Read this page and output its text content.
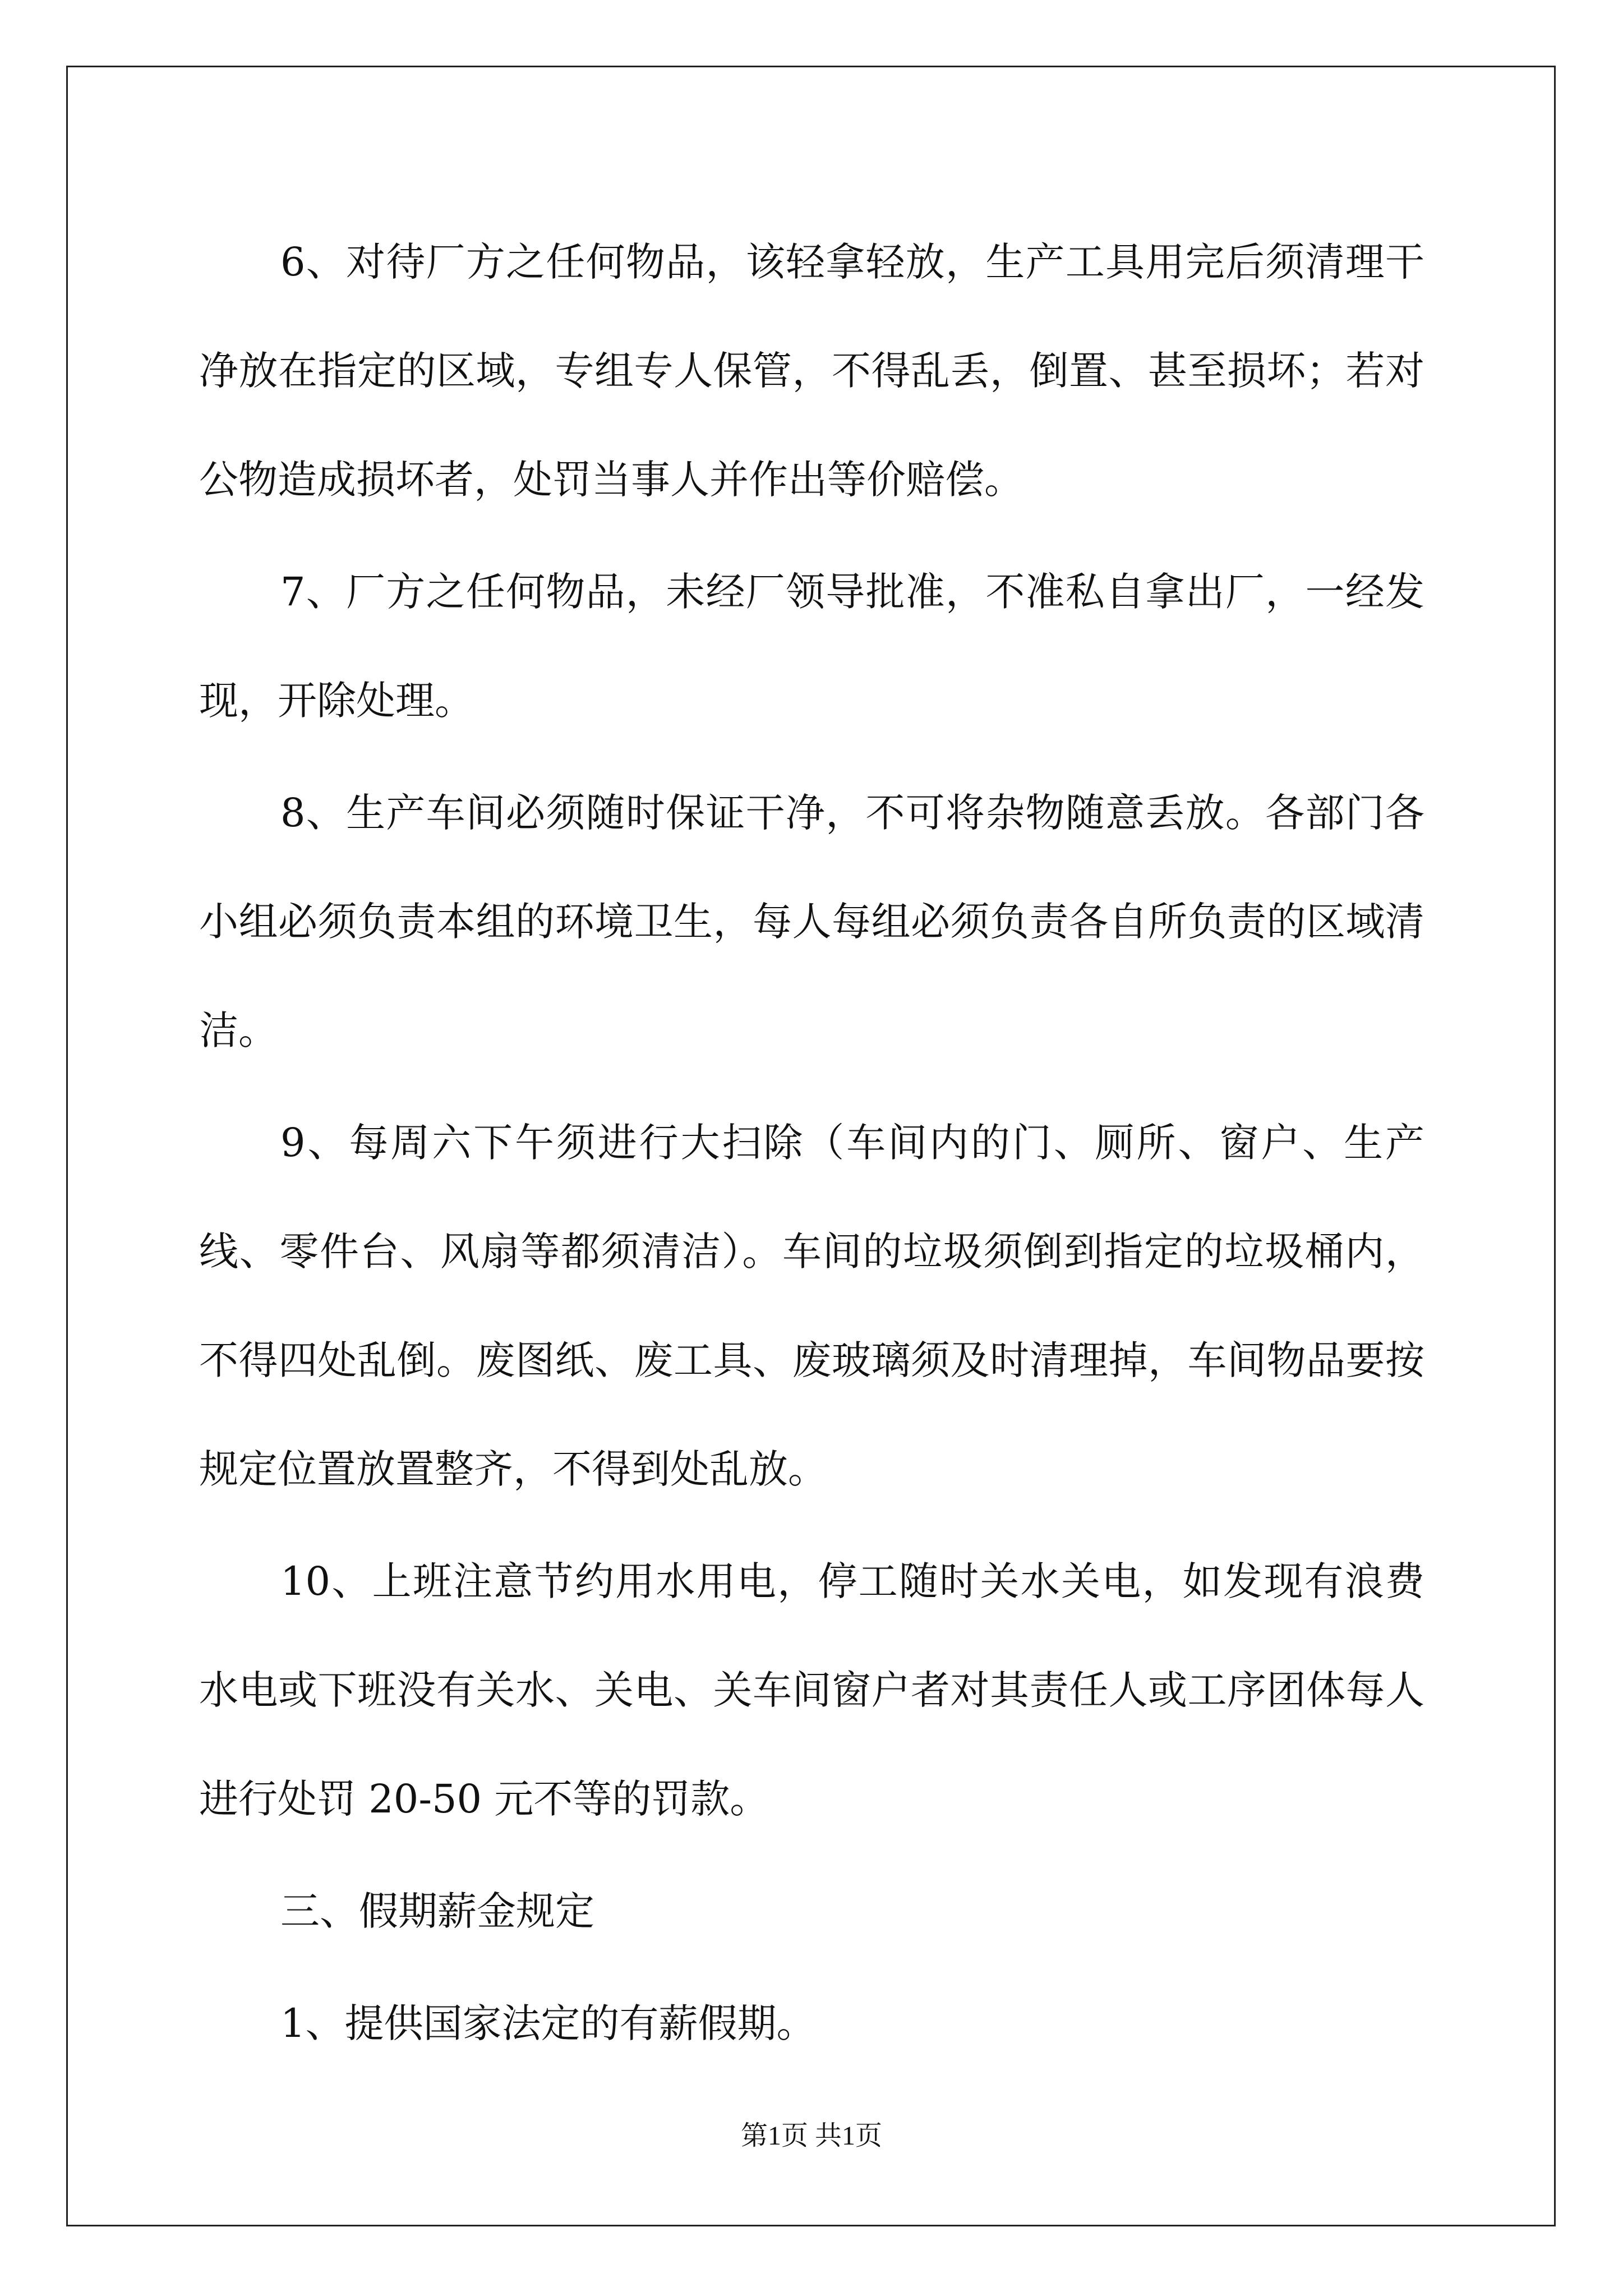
6、对待厂方之任何物品，该轻拿轻放，生产工具用完后须清理干净放在指定的区域，专组专人保管，不得乱丢，倒置、甚至损坏；若对公物造成损坏者，处罚当事人并作出等价赔偿。

7、厂方之任何物品，未经厂领导批准，不准私自拿出厂，一经发现，开除处理。

8、生产车间必须随时保证干净，不可将杂物随意丢放。各部门各小组必须负责本组的环境卫生，每人每组必须负责各自所负责的区域清洁。

9、每周六下午须进行大扫除（车间内的门、厕所、窗户、生产线、零件台、风扇等都须清洁）。车间的垃圾须倒到指定的垃圾桶内，不得四处乱倒。废图纸、废工具、废玻璃须及时清理掉，车间物品要按规定位置放置整齐，不得到处乱放。

10、上班注意节约用水用电，停工随时关水关电，如发现有浪费水电或下班没有关水、关电、关车间窗户者对其责任人或工序团体每人进行处罚 20-50 元不等的罚款。

三、假期薪金规定

1、提供国家法定的有薪假期。

第1页 共1页
